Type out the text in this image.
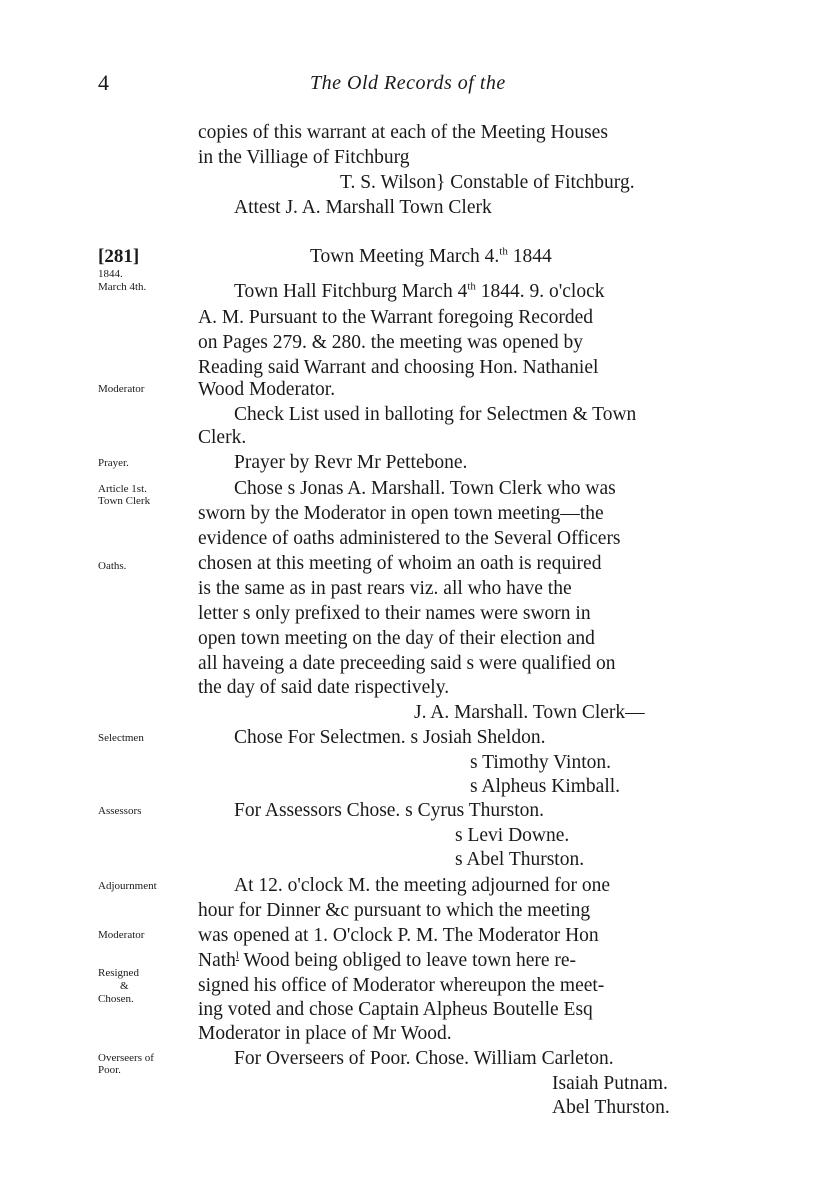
4	The Old Records of the
copies of this warrant at each of the Meeting Houses
in the Villiage of Fitchburg
T. S. Wilson} Constable of Fitchburg.
Attest J. A. Marshall Town Clerk
[281]
1844.
March 4th.
Town Meeting March 4.$^{th}$ 1844
Town Hall Fitchburg March 4th 1844. 9. o'clock
A. M. Pursuant to the Warrant foregoing Recorded
on Pages 279. & 280. the meeting was opened by
Reading said Warrant and choosing Hon. Nathaniel
Moderator	Wood Moderator.
Check List used in balloting for Selectmen & Town
Clerk.
Prayer.	Prayer by Revr Mr Pettebone.
Article 1st.
Town Clerk
Chose s Jonas A. Marshall. Town Clerk who was
sworn by the Moderator in open town meeting—the
evidence of oaths administered to the Several Officers
Oaths.	chosen at this meeting of whoim an oath is required
is the same as in past rears viz. all who have the
letter s only prefixed to their names were sworn in
open town meeting on the day of their election and
all haveing a date preceeding said s were qualified on
the day of said date rispectively.
J. A. Marshall. Town Clerk—
Selectmen	Chose For Selectmen. s Josiah Sheldon.
s Timothy Vinton.
s Alpheus Kimball.
Assessors	For Assessors Chose. s Cyrus Thurston.
s Levi Downe.
s Abel Thurston.
Adjournment	At 12. o'clock M. the meeting adjourned for one
hour for Dinner &c pursuant to which the meeting
Moderator	was opened at 1. O'clock P. M. The Moderator Hon
Nath$^l$ Wood being obliged to leave town here re-
Resigned
&
Chosen.
signed his office of Moderator whereupon the meet-
ing voted and chose Captain Alpheus Boutelle Esq
Moderator in place of Mr Wood.
Overseers of
Poor.
For Overseers of Poor. Chose. William Carleton.
Isaiah Putnam.
Abel Thurston.
